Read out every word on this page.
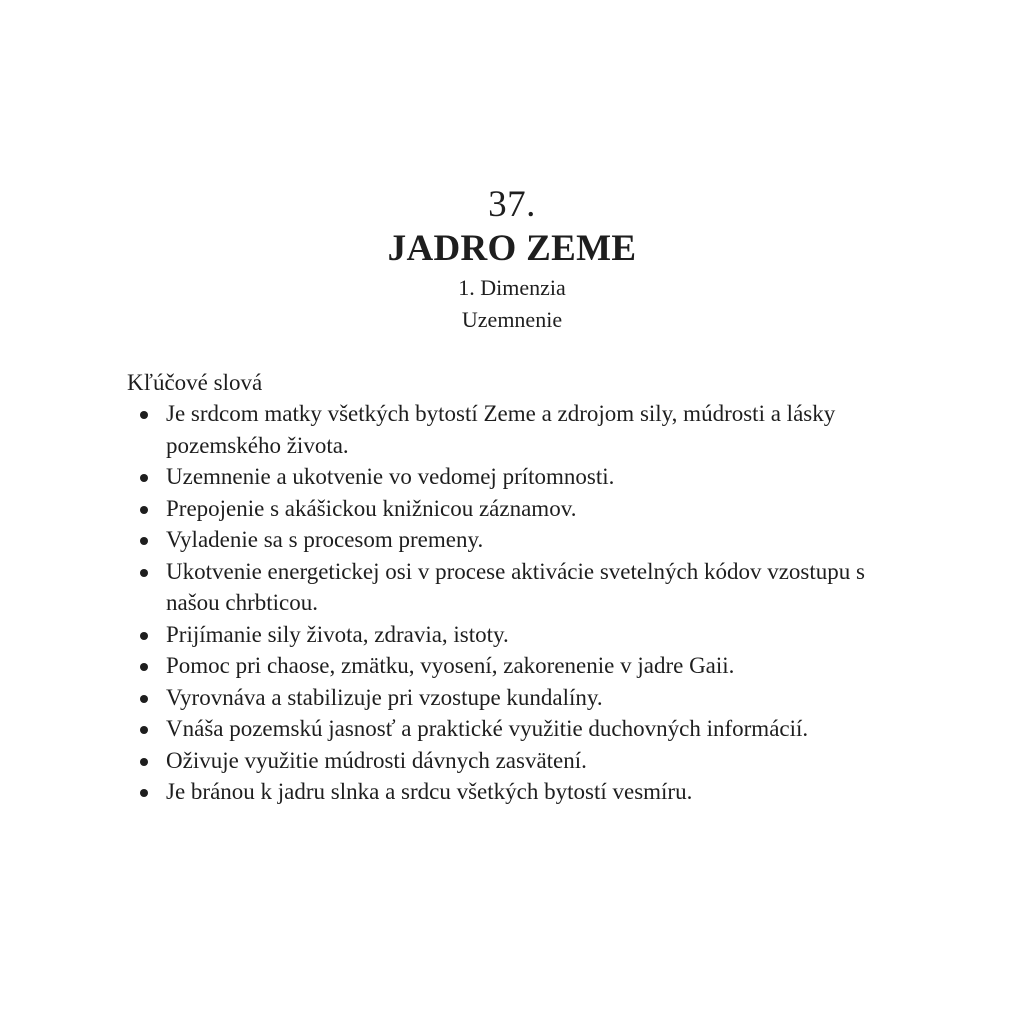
37.
JADRO ZEME
1. Dimenzia
Uzemnenie
Kľúčové slová
Je srdcom matky všetkých bytostí Zeme a zdrojom sily, múdrosti a lásky pozemského života.
Uzemnenie a ukotvenie vo vedomej prítomnosti.
Prepojenie s akášickou knižnicou záznamov.
Vyladenie sa s procesom premeny.
Ukotvenie energetickej osi v procese aktivácie svetelných kódov vzostupu s našou chrbticou.
Prijímanie sily života, zdravia, istoty.
Pomoc pri chaose, zmätku, vyosení, zakorenenie v jadre Gaii.
Vyrovnáva a stabilizuje pri vzostupe kundalíny.
Vnáša pozemskú jasnosť a praktické využitie duchovných informácií.
Oživuje využitie múdrosti dávnych zasvätení.
Je bránou k jadru slnka a srdcu všetkých bytostí vesmíru.
